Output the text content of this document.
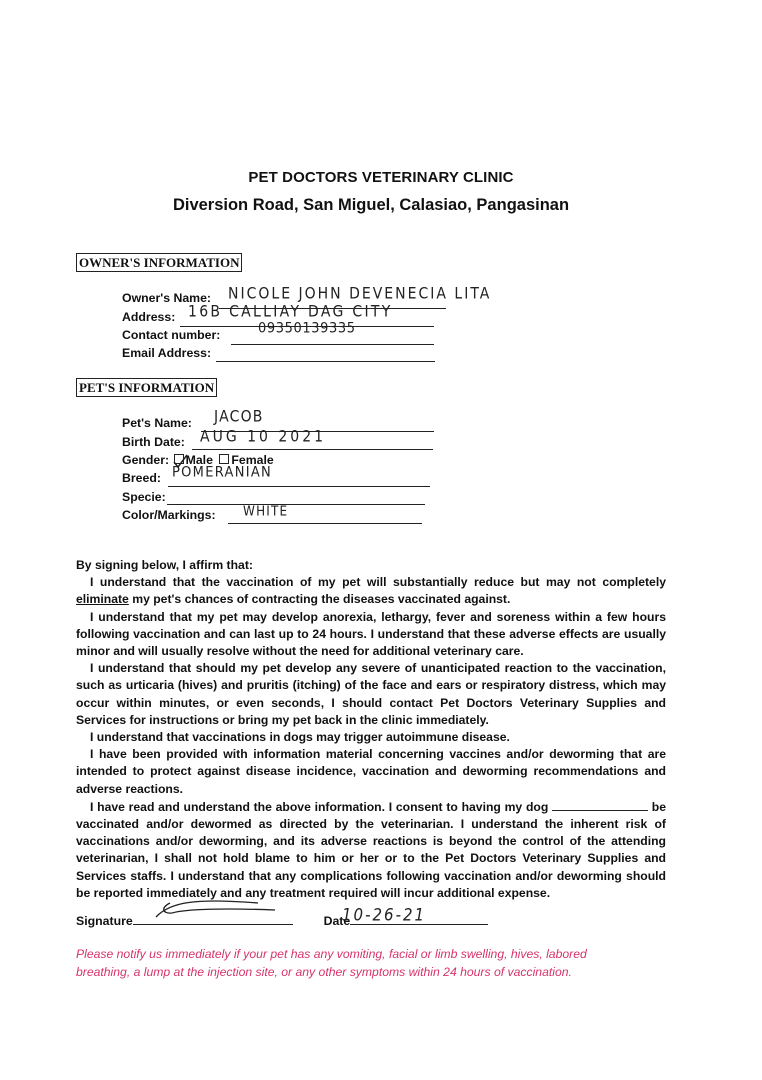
PET DOCTORS VETERINARY CLINIC
Diversion Road, San Miguel, Calasiao, Pangasinan
OWNER'S INFORMATION
Owner's Name: NICOLE JOHN DEVENECIA LITA
Address: 16B CALLIAY DAG CITY
Contact number:	09350139335
Email Address:
PET'S INFORMATION
Pet's Name: JACOB
Birth Date: AUG 10 2021
Gender: Male Female
Breed: POMERANIAN
Specie:
Color/Markings: WHITE

By signing below, I affirm that:

I understand that the vaccination of my pet will substantially reduce but may not completely eliminate my pet's chances of contracting the diseases vaccinated against.

I understand that my pet may develop anorexia, lethargy, fever and soreness within a few hours following vaccination and can last up to 24 hours. I understand that these adverse effects are usually minor and will usually resolve without the need for additional veterinary care.

I understand that should my pet develop any severe of unanticipated reaction to the vaccination, such as urticaria (hives) and pruritis (itching) of the face and ears or respiratory distress, which may occur within minutes, or even seconds, I should contact Pet Doctors Veterinary Supplies and Services for instructions or bring my pet back in the clinic immediately.

I understand that vaccinations in dogs may trigger autoimmune disease.

I have been provided with information material concerning vaccines and/or deworming that are intended to protect against disease incidence, vaccination and deworming recommendations and adverse reactions.

I have read and understand the above information. I consent to having my dog	be vaccinated and/or dewormed as directed by the veterinarian. I understand the inherent risk of vaccinations and/or deworming, and its adverse reactions is beyond the control of the attending veterinarian, I shall not hold blame to him or her or to the Pet Doctors Veterinary Supplies and Services staffs. I understand that any complications following vaccination and/or deworming should be reported immediately and any treatment required will incur additional expense.

Signature	Date
10-26-21
Please notify us immediately if your pet has any vomiting, facial or limb swelling, hives, labored breathing, a lump at the injection site, or any other symptoms within 24 hours of vaccination.
